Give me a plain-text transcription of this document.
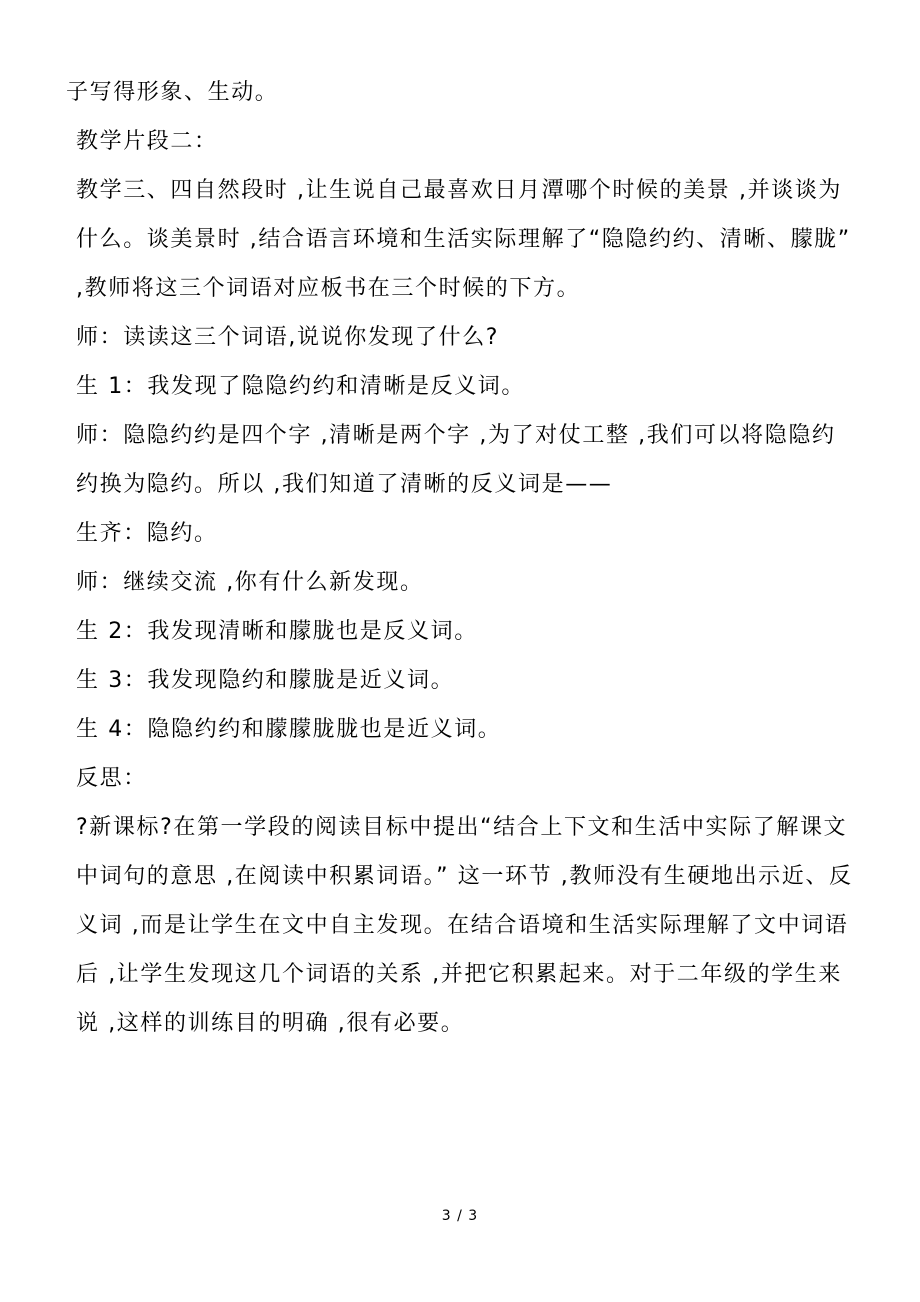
子写得形象、生动。

教学片段二：

教学三、四自然段时 ,让生说自己最喜欢日月潭哪个时候的美景 ,并谈谈为什么。谈美景时 ,结合语言环境和生活实际理解了“隐隐约约、清晰、朦胧” ,教师将这三个词语对应板书在三个时候的下方。

师：读读这三个词语,说说你发现了什么?

生 1：我发现了隐隐约约和清晰是反义词。

师：隐隐约约是四个字 ,清晰是两个字 ,为了对仗工整 ,我们可以将隐隐约约换为隐约。所以 ,我们知道了清晰的反义词是——

生齐：隐约。

师：继续交流 ,你有什么新发现。

生 2：我发现清晰和朦胧也是反义词。

生 3：我发现隐约和朦胧是近义词。

生 4：隐隐约约和朦朦胧胧也是近义词。

反思：

?新课标?在第一学段的阅读目标中提出“结合上下文和生活中实际了解课文中词句的意思 ,在阅读中积累词语。” 这一环节 ,教师没有生硬地出示近、反义词 ,而是让学生在文中自主发现。在结合语境和生活实际理解了文中词语后 ,让学生发现这几个词语的关系 ,并把它积累起来。对于二年级的学生来说 ,这样的训练目的明确 ,很有必要。

3 / 3
